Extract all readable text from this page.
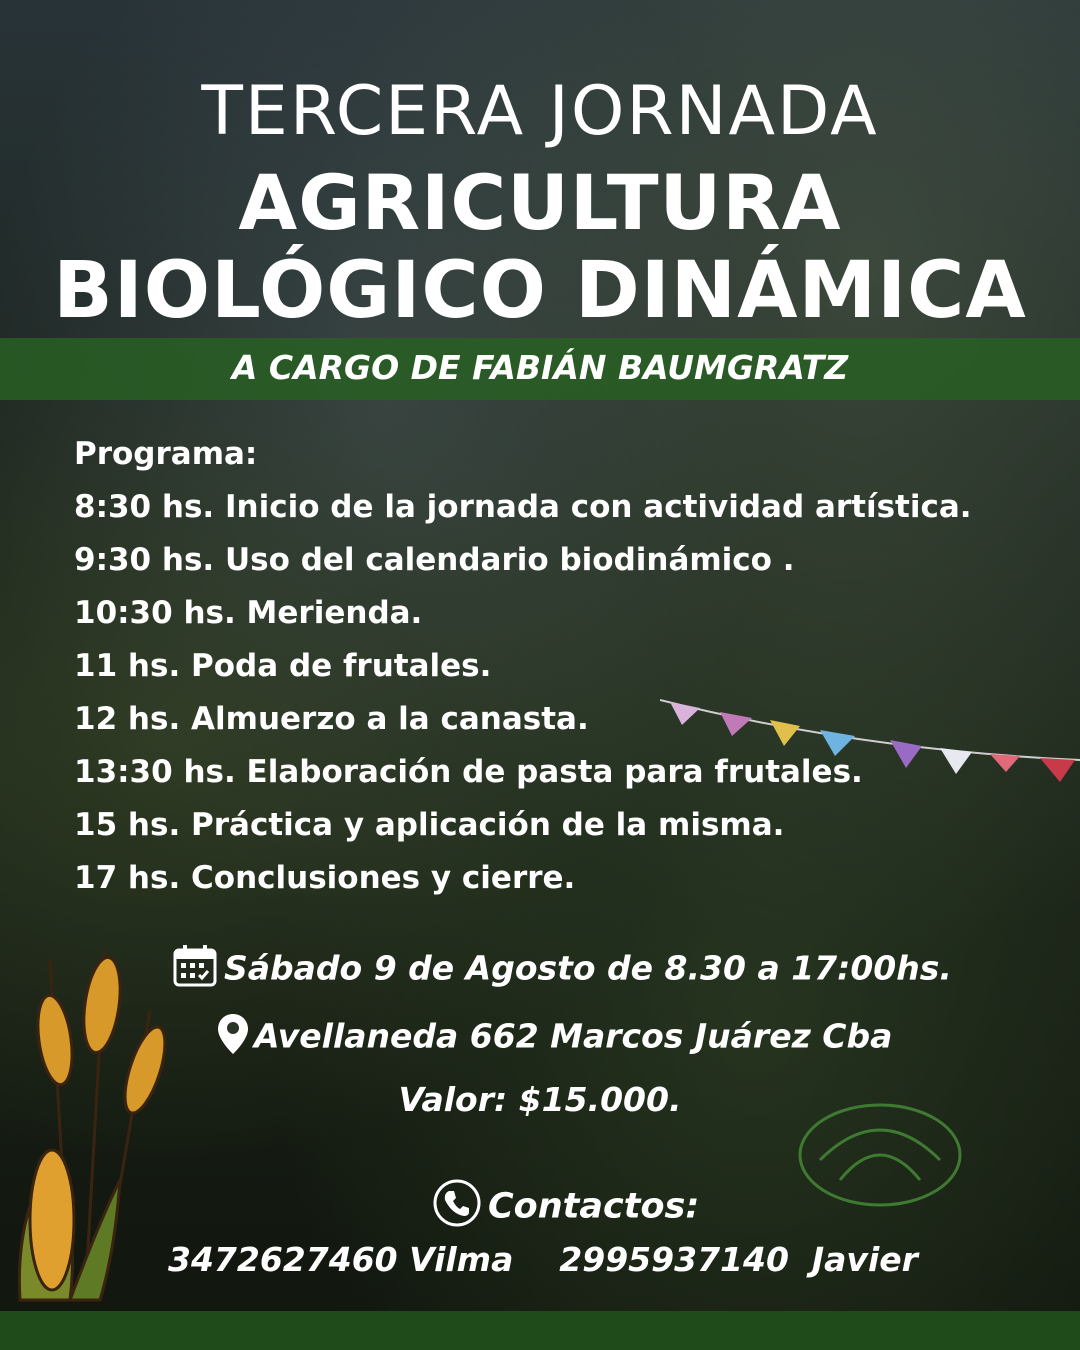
TERCERA JORNADA
AGRICULTURA
BIOLÓGICO DINÁMICA
A CARGO DE FABIÁN BAUMGRATZ
Programa:
8:30 hs. Inicio de la jornada con actividad artística.
9:30 hs. Uso del calendario biodinámico .
10:30 hs. Merienda.
11 hs. Poda de frutales.
12 hs. Almuerzo a la canasta.
13:30 hs. Elaboración de pasta para frutales.
15 hs. Práctica y aplicación de la misma.
17 hs. Conclusiones y cierre.
Sábado 9 de Agosto de 8.30 a 17:00hs.
Avellaneda 662 Marcos Juárez Cba
Valor: $15.000.
Contactos:
3472627460 Vilma    2995937140  Javier
